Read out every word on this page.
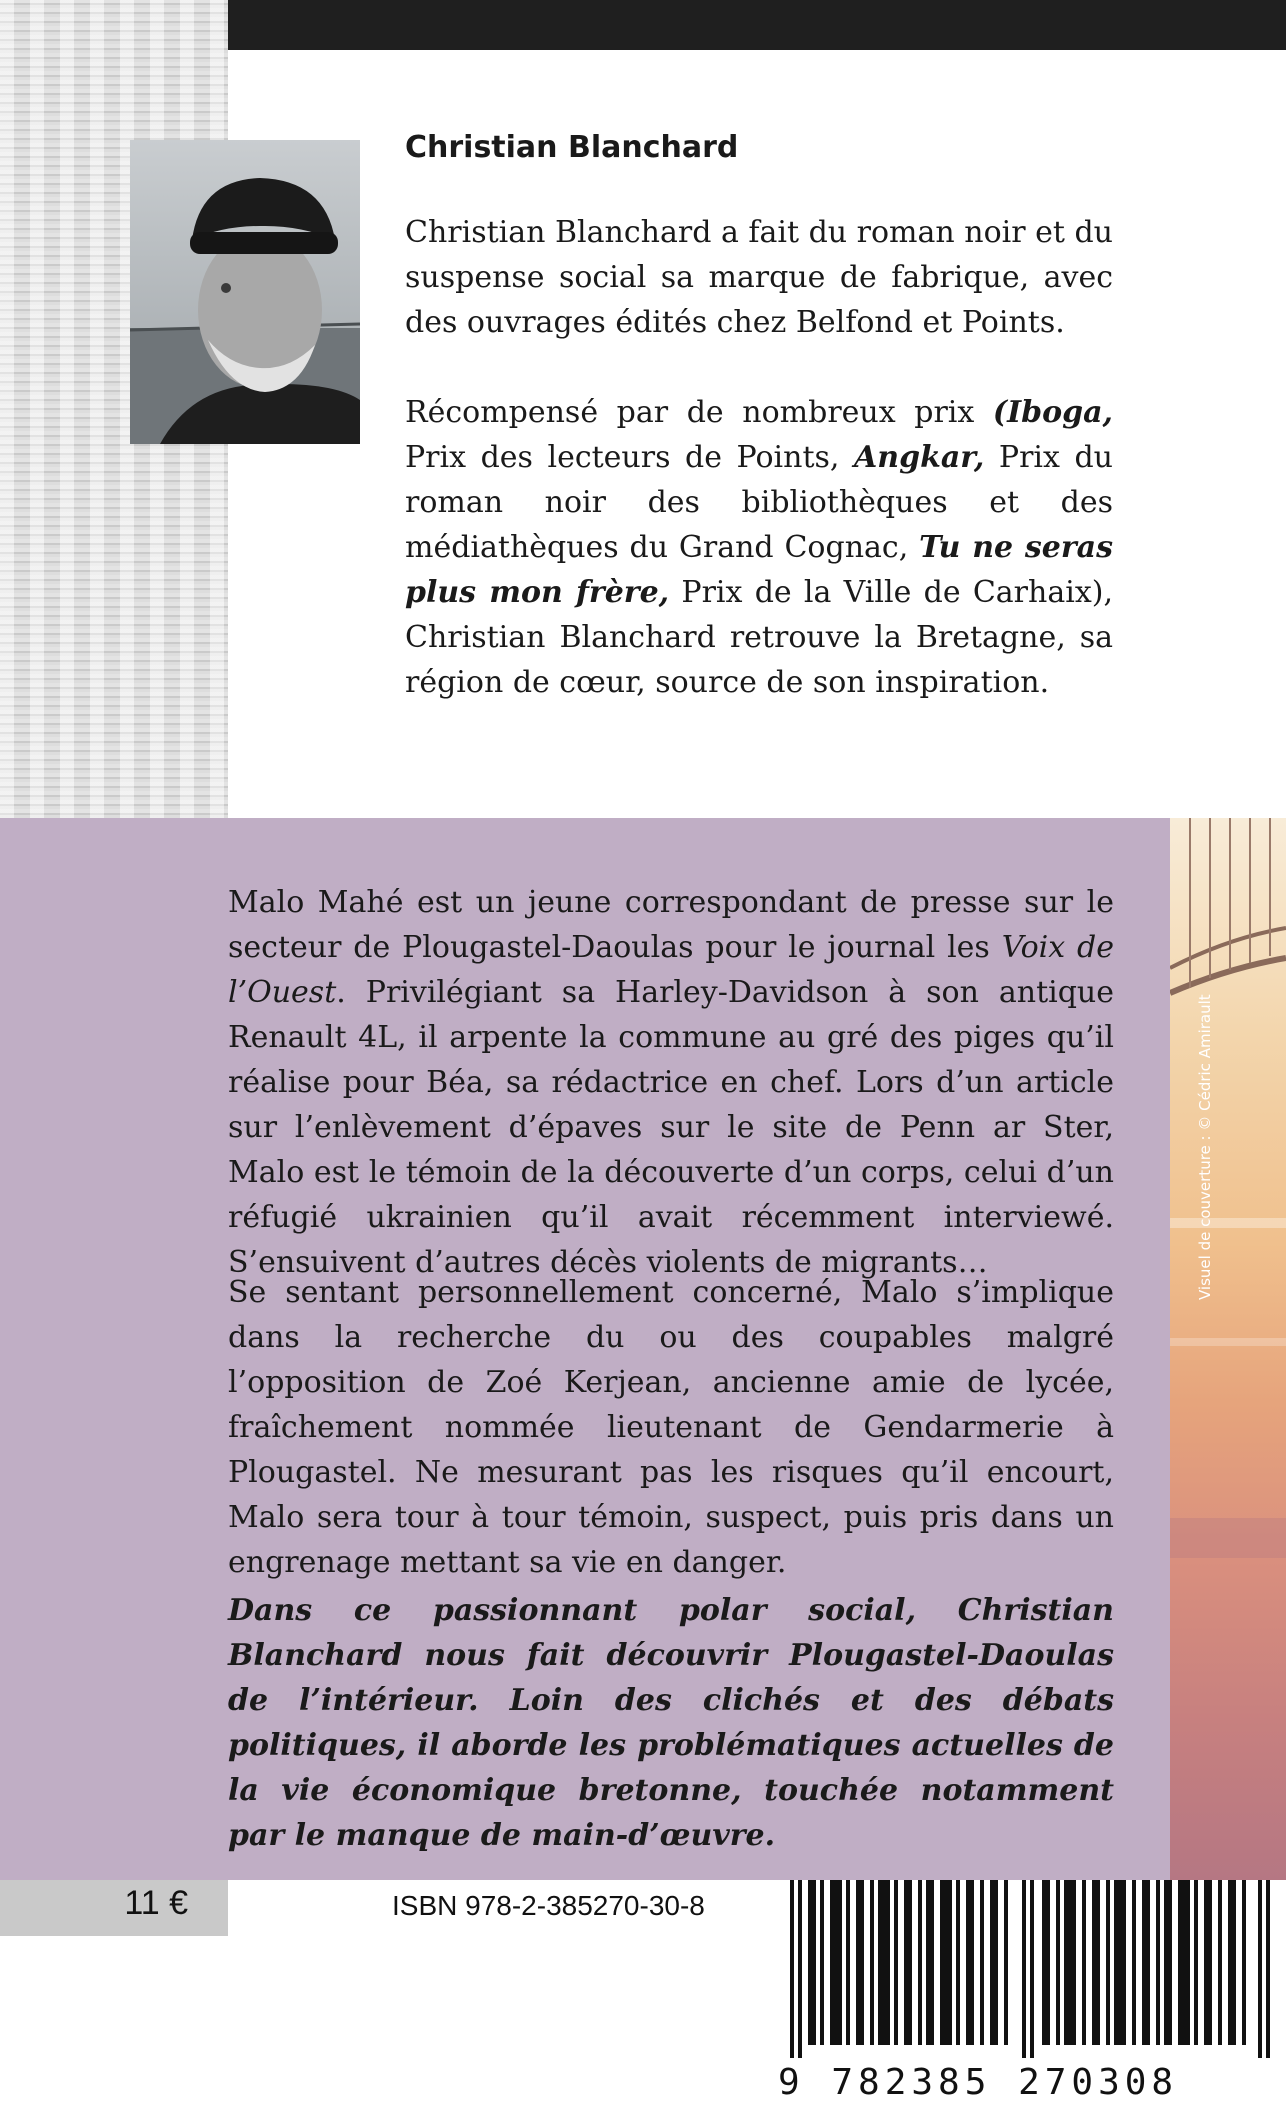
Christian Blanchard

Christian Blanchard a fait du roman noir et du suspense social sa marque de fabrique, avec des ouvrages édités chez Belfond et Points.

Récompensé par de nombreux prix (Iboga, Prix des lecteurs de Points, Angkar, Prix du roman noir des bibliothèques et des médiathèques du Grand Cognac, Tu ne seras plus mon frère, Prix de la Ville de Carhaix), Christian Blanchard retrouve la Bretagne, sa région de cœur, source de son inspiration.

Malo Mahé est un jeune correspondant de presse sur le secteur de Plougastel-Daoulas pour le journal les Voix de l’Ouest. Privilégiant sa Harley-Davidson à son antique Renault 4L, il arpente la commune au gré des piges qu’il réalise pour Béa, sa rédactrice en chef. Lors d’un article sur l’enlèvement d’épaves sur le site de Penn ar Ster, Malo est le témoin de la découverte d’un corps, celui d’un réfugié ukrainien qu’il avait récemment interviewé. S’ensuivent d’autres décès violents de migrants…

Se sentant personnellement concerné, Malo s’implique dans la recherche du ou des coupables malgré l’opposition de Zoé Kerjean, ancienne amie de lycée, fraîchement nommée lieutenant de Gendarmerie à Plougastel. Ne mesurant pas les risques qu’il encourt, Malo sera tour à tour témoin, suspect, puis pris dans un engrenage mettant sa vie en danger.

Dans ce passionnant polar social, Christian Blanchard nous fait découvrir Plougastel-Daoulas de l’intérieur. Loin des clichés et des débats politiques, il aborde les problématiques actuelles de la vie économique bretonne, touchée notamment par le manque de main-d’œuvre.

Visuel de couverture : © Cédric Amirault
11 €	ISBN 978-2-385270-30-8
9 782385 270308
